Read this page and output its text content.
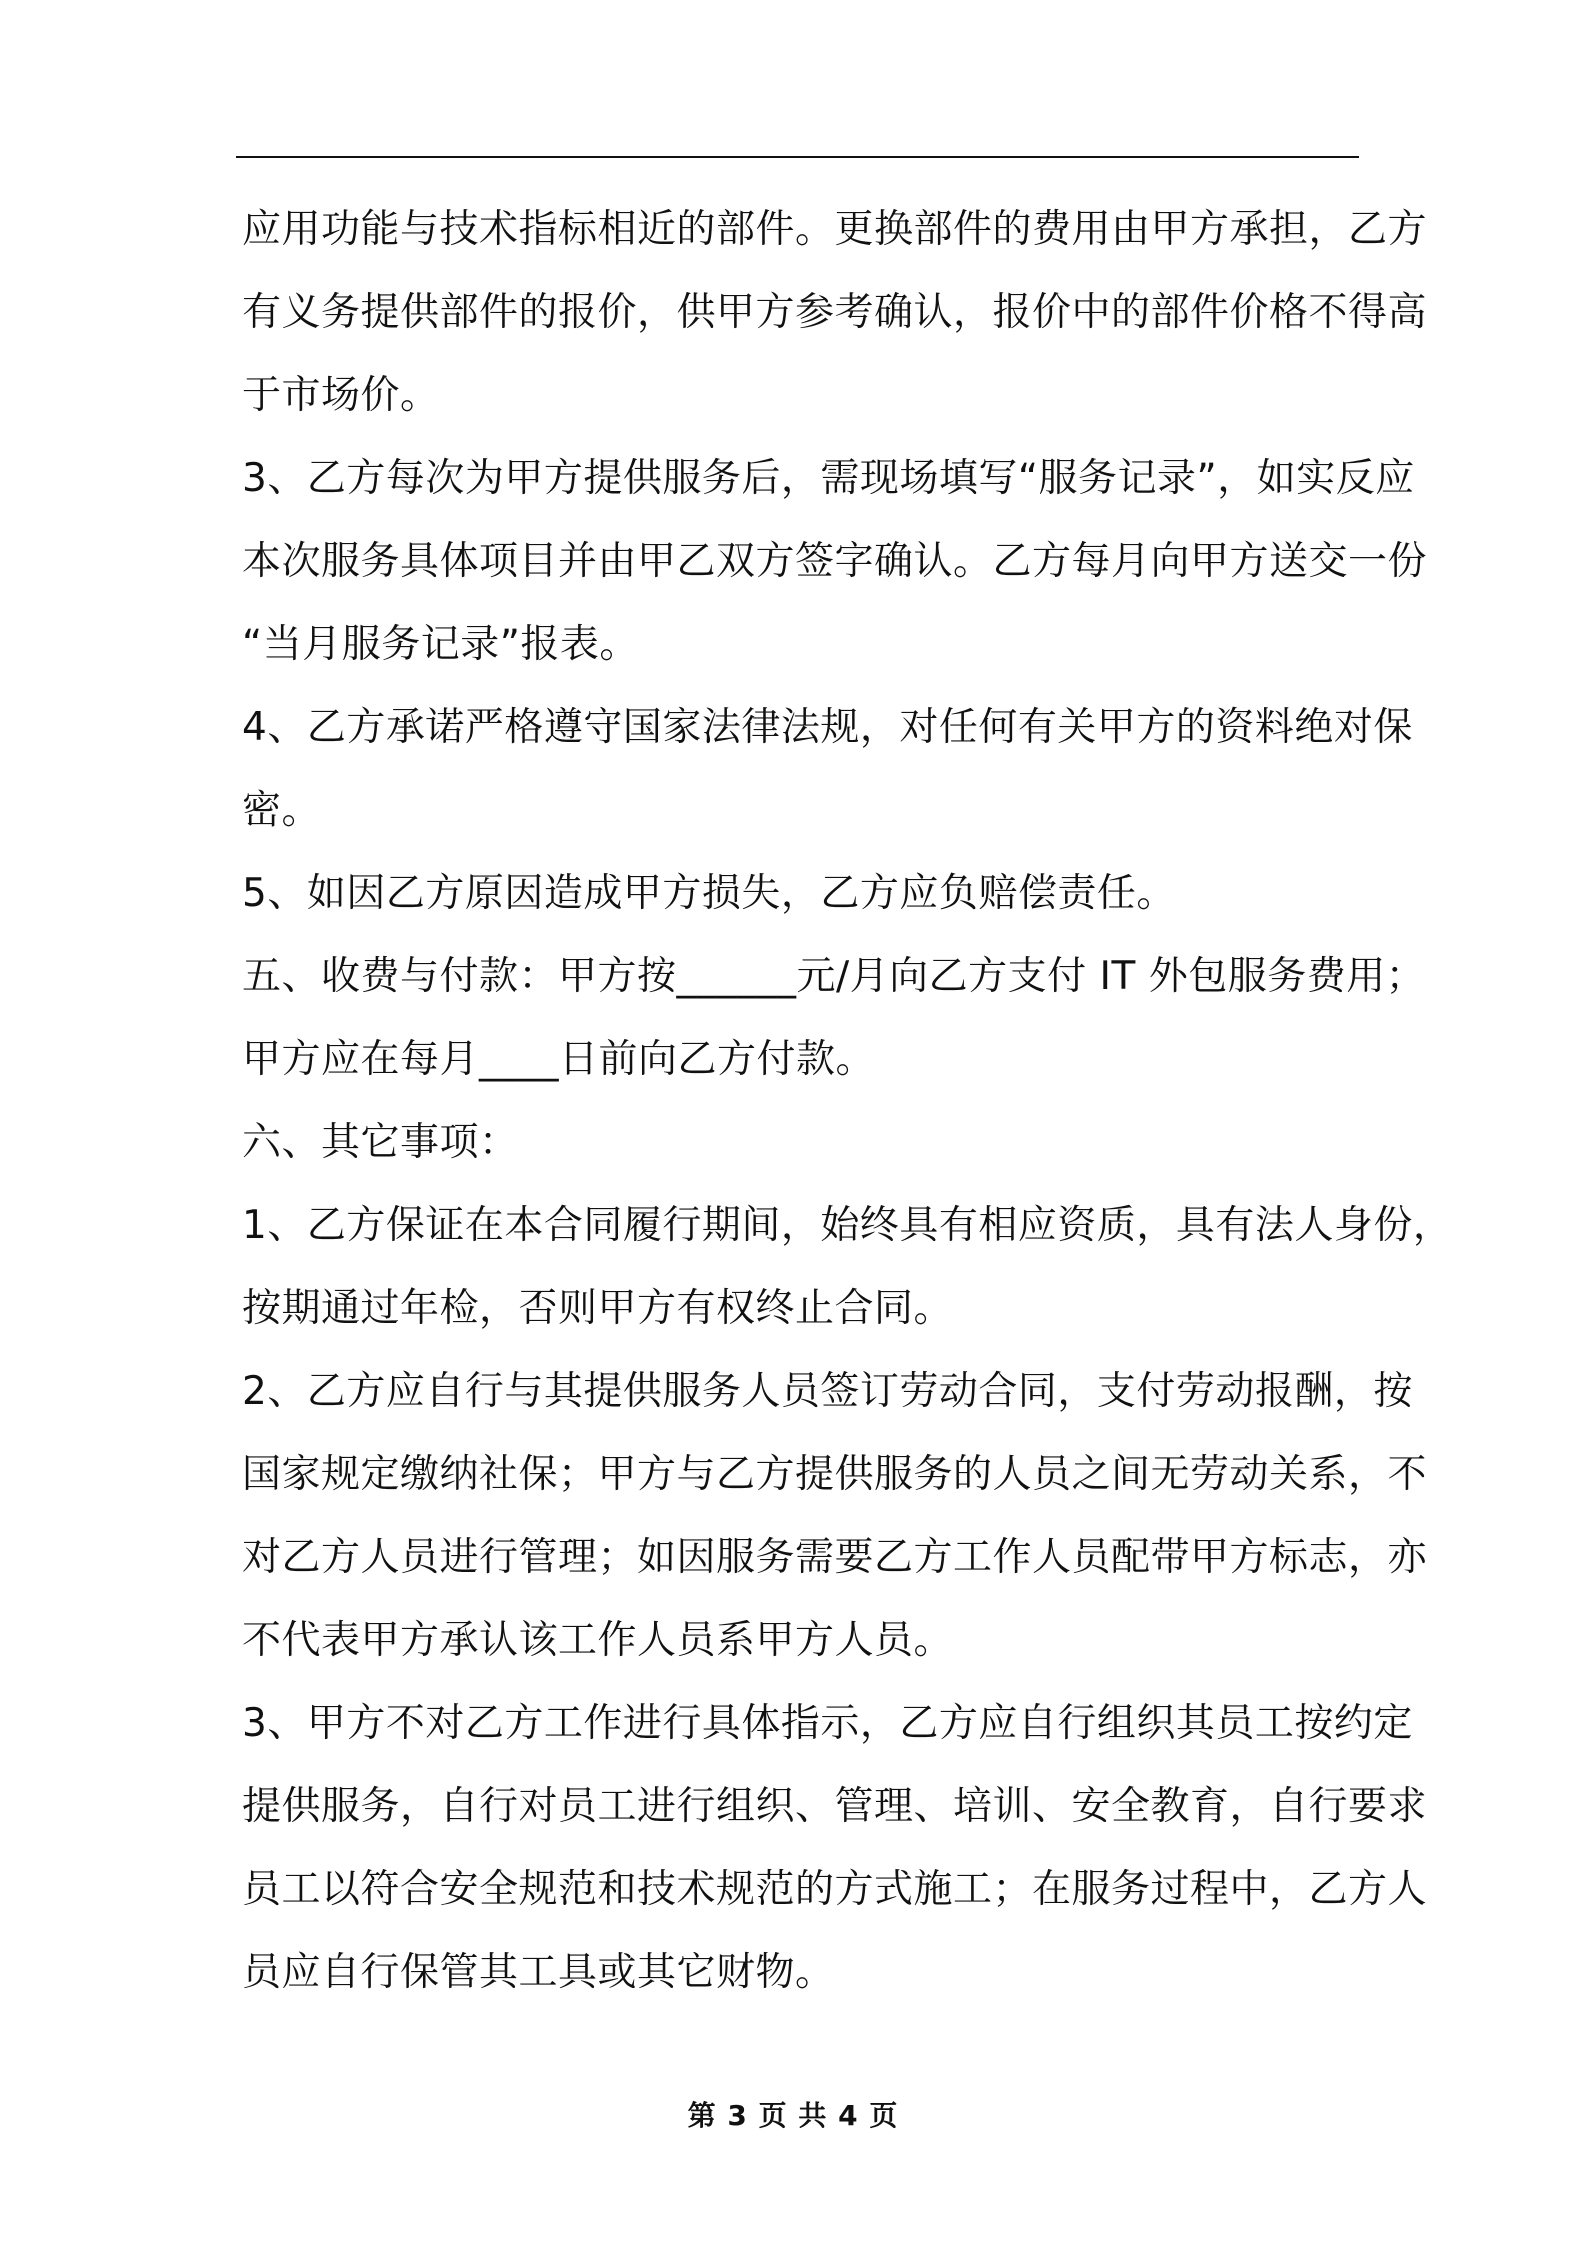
应用功能与技术指标相近的部件。更换部件的费用由甲方承担，乙方
有义务提供部件的报价，供甲方参考确认，报价中的部件价格不得高
于市场价。
3、乙方每次为甲方提供服务后，需现场填写“服务记录”，如实反应
本次服务具体项目并由甲乙双方签字确认。乙方每月向甲方送交一份
“当月服务记录”报表。
4、乙方承诺严格遵守国家法律法规，对任何有关甲方的资料绝对保
密。
5、如因乙方原因造成甲方损失，乙方应负赔偿责任。
五、收费与付款：甲方按______元/月向乙方支付 IT 外包服务费用；
甲方应在每月____日前向乙方付款。
六、其它事项：
1、乙方保证在本合同履行期间，始终具有相应资质，具有法人身份，
按期通过年检，否则甲方有权终止合同。
2、乙方应自行与其提供服务人员签订劳动合同，支付劳动报酬，按
国家规定缴纳社保；甲方与乙方提供服务的人员之间无劳动关系，不
对乙方人员进行管理；如因服务需要乙方工作人员配带甲方标志，亦
不代表甲方承认该工作人员系甲方人员。
3、甲方不对乙方工作进行具体指示，乙方应自行组织其员工按约定
提供服务，自行对员工进行组织、管理、培训、安全教育，自行要求
员工以符合安全规范和技术规范的方式施工；在服务过程中，乙方人
员应自行保管其工具或其它财物。
第 3 页 共 4 页
